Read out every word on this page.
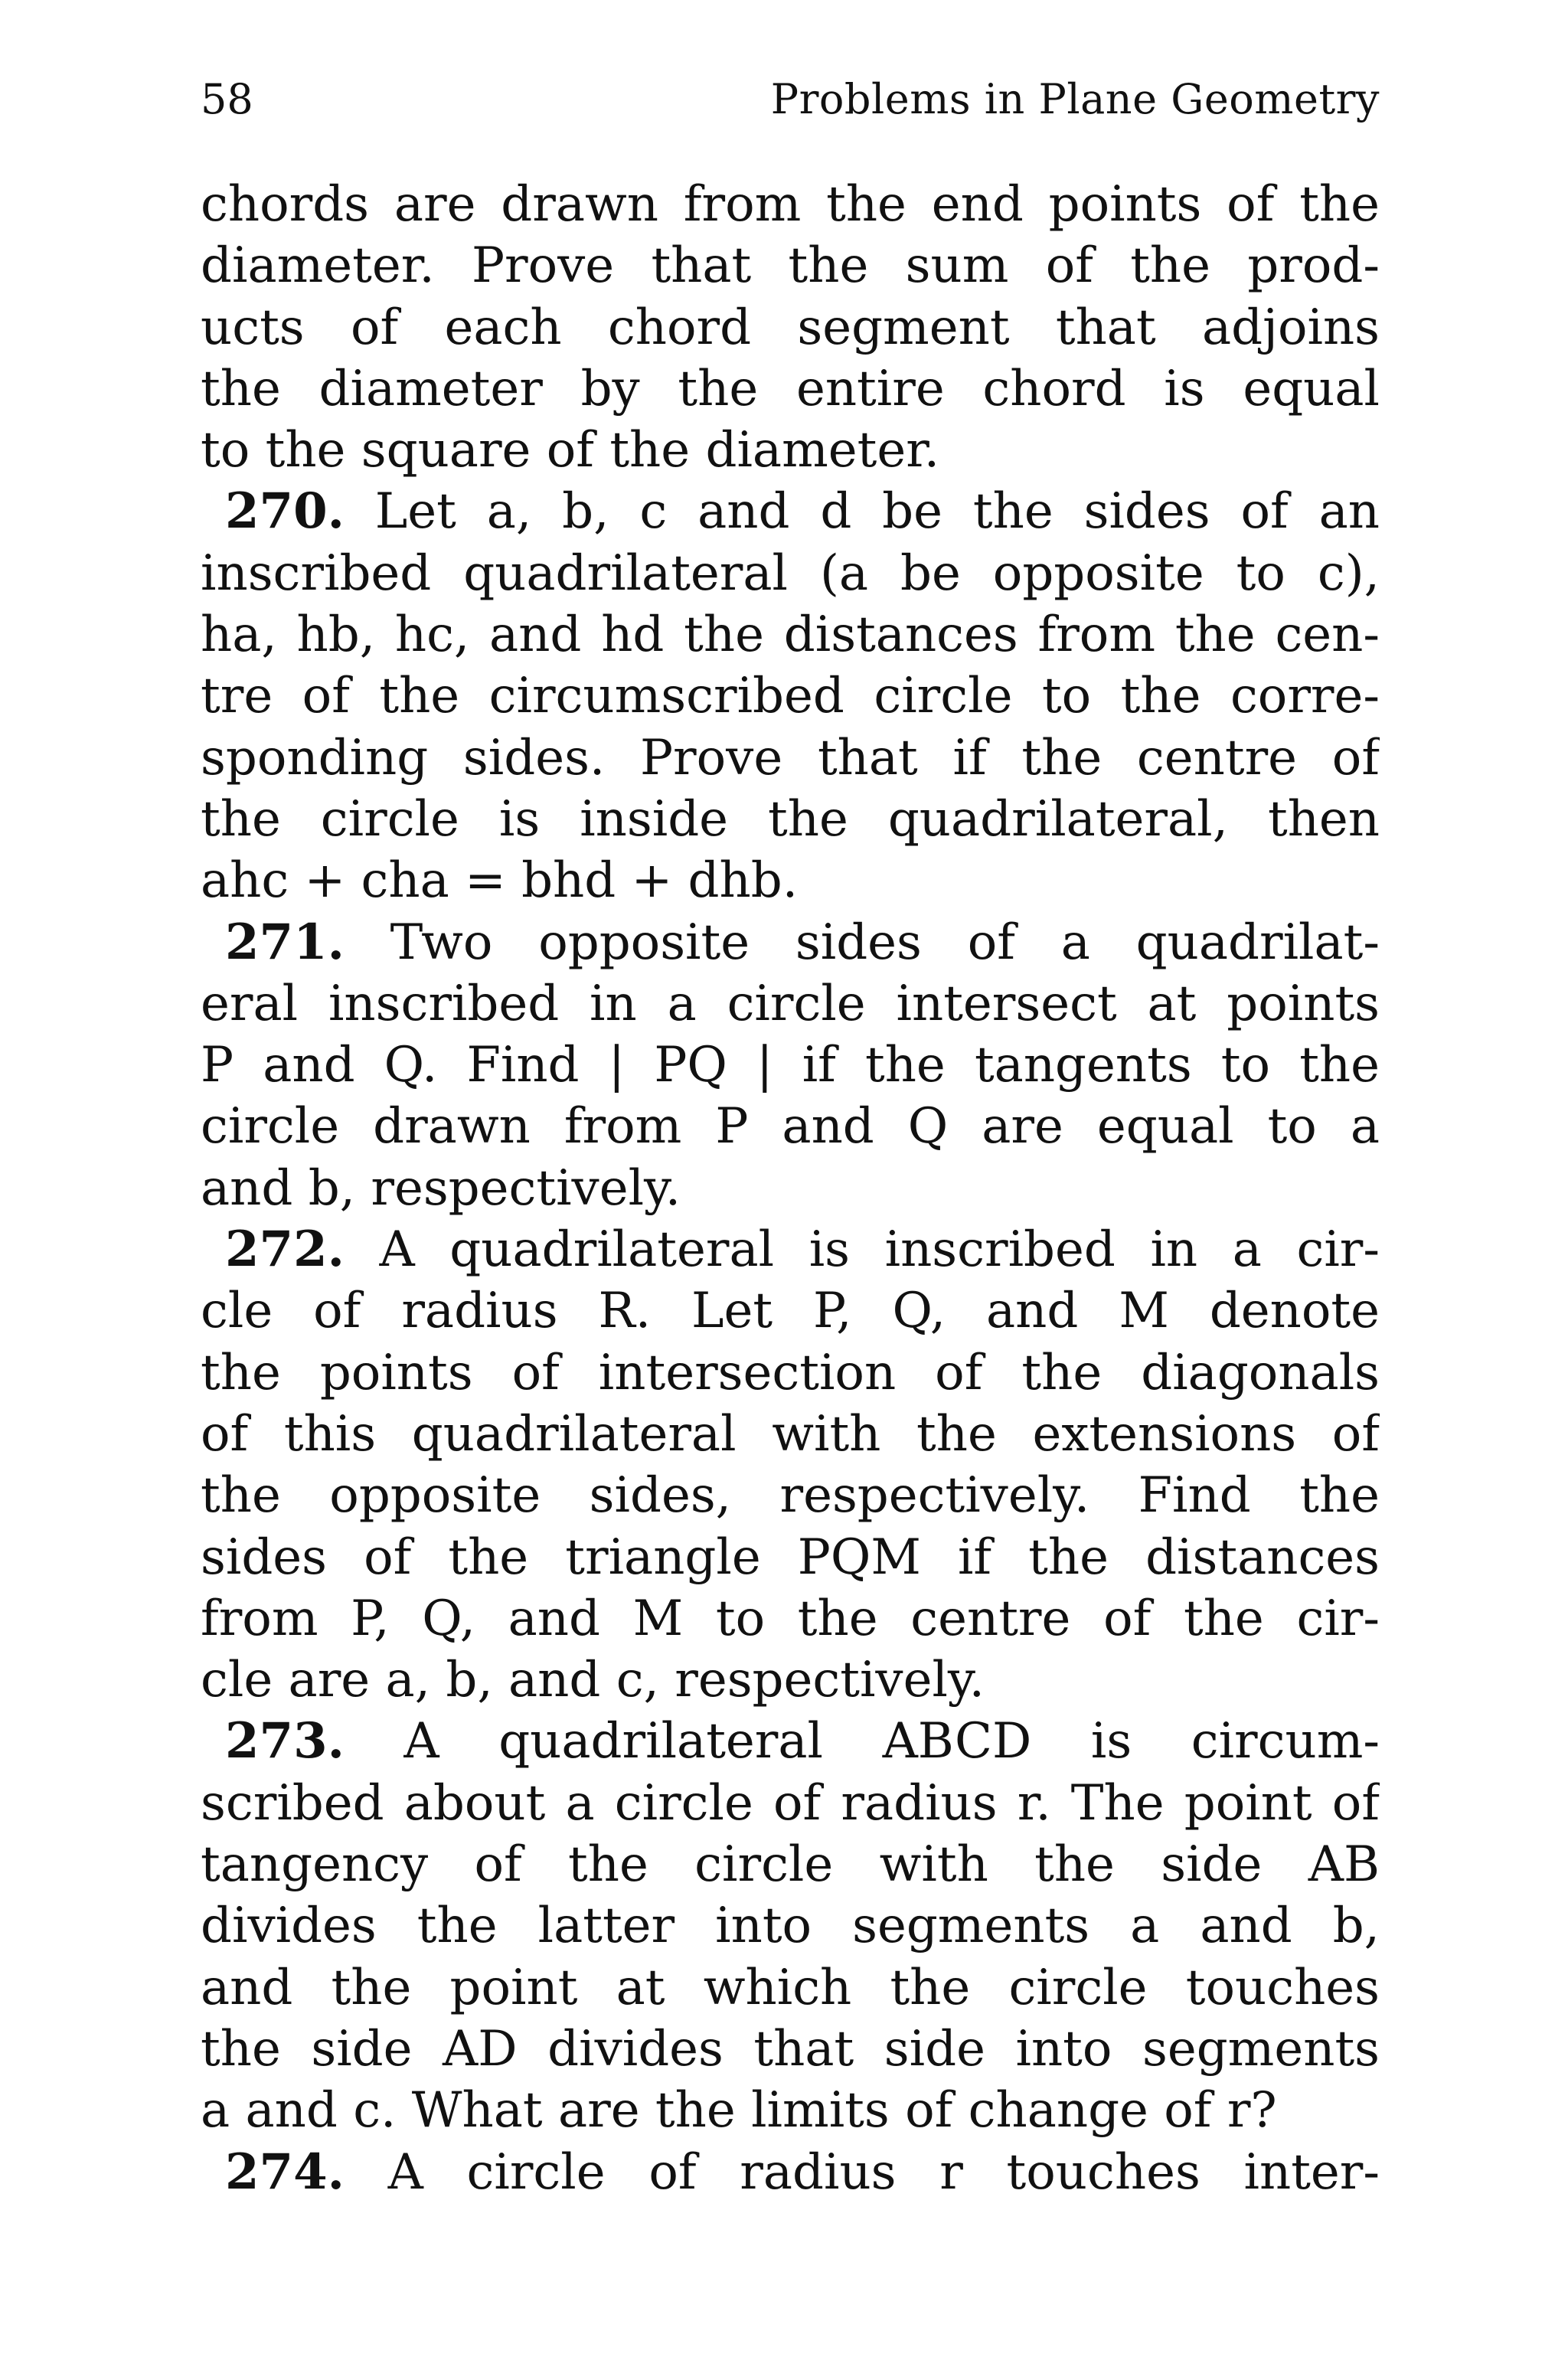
58	Problems in Plane Geometry
chords are drawn from the end points of the
diameter. Prove that the sum of the prod-
ucts of each chord segment that adjoins
the diameter by the entire chord is equal
to the square of the diameter.
270. Let a, b, c and d be the sides of an
inscribed quadrilateral (a be opposite to c),
ha, hb, hc, and hd the distances from the cen-
tre of the circumscribed circle to the corre-
sponding sides. Prove that if the centre of
the circle is inside the quadrilateral, then
ahc + cha = bhd + dhb.
271. Two opposite sides of a quadrilat-
eral inscribed in a circle intersect at points
P and Q. Find | PQ | if the tangents to the
circle drawn from P and Q are equal to a
and b, respectively.
272. A quadrilateral is inscribed in a cir-
cle of radius R. Let P, Q, and M denote
the points of intersection of the diagonals
of this quadrilateral with the extensions of
the opposite sides, respectively. Find the
sides of the triangle PQM if the distances
from P, Q, and M to the centre of the cir-
cle are a, b, and c, respectively.
273. A quadrilateral ABCD is circum-
scribed about a circle of radius r. The point of
tangency of the circle with the side AB
divides the latter into segments a and b,
and the point at which the circle touches
the side AD divides that side into segments
a and c. What are the limits of change of r?
274. A circle of radius r touches inter-
